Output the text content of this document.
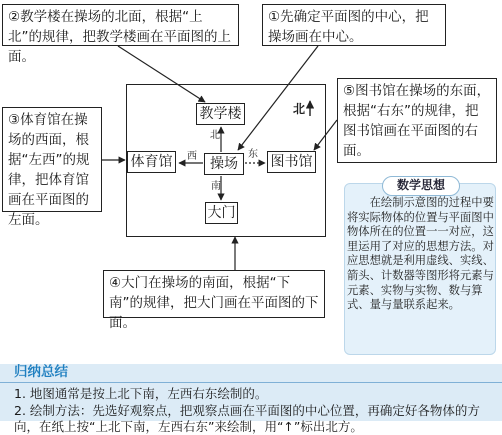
①先确定平面图的中心，把操场画在中心。
②教学楼在操场的北面，根据“上北”的规律，把教学楼画在平面图的上面。
③体育馆在操场的西面，根据“左西”的规律，把体育馆画在平面图的左面。
④大门在操场的南面，根据“下南”的规律，把大门画在平面图的下面。
⑤图书馆在操场的东面，根据“右东”的规律，把图书馆画在平面图的右面。
教学楼
体育馆	操场	图书馆
大门
北
西	东
南
北
数学思想

在绘制示意图的过程中要将实际物体的位置与平面图中物体所在的位置一一对应，这里运用了对应的思想方法。对应思想就是利用虚线、实线、箭头、计数器等图形将元素与元素、实物与实物、数与算式、量与量联系起来。

归纳总结
1. 地图通常是按上北下南，左西右东绘制的。
2. 绘制方法：先选好观察点，把观察点画在平面图的中心位置，再确定好各物体的方向，在纸上按“上北下南，左西右东”来绘制，用“↑”标出北方。
